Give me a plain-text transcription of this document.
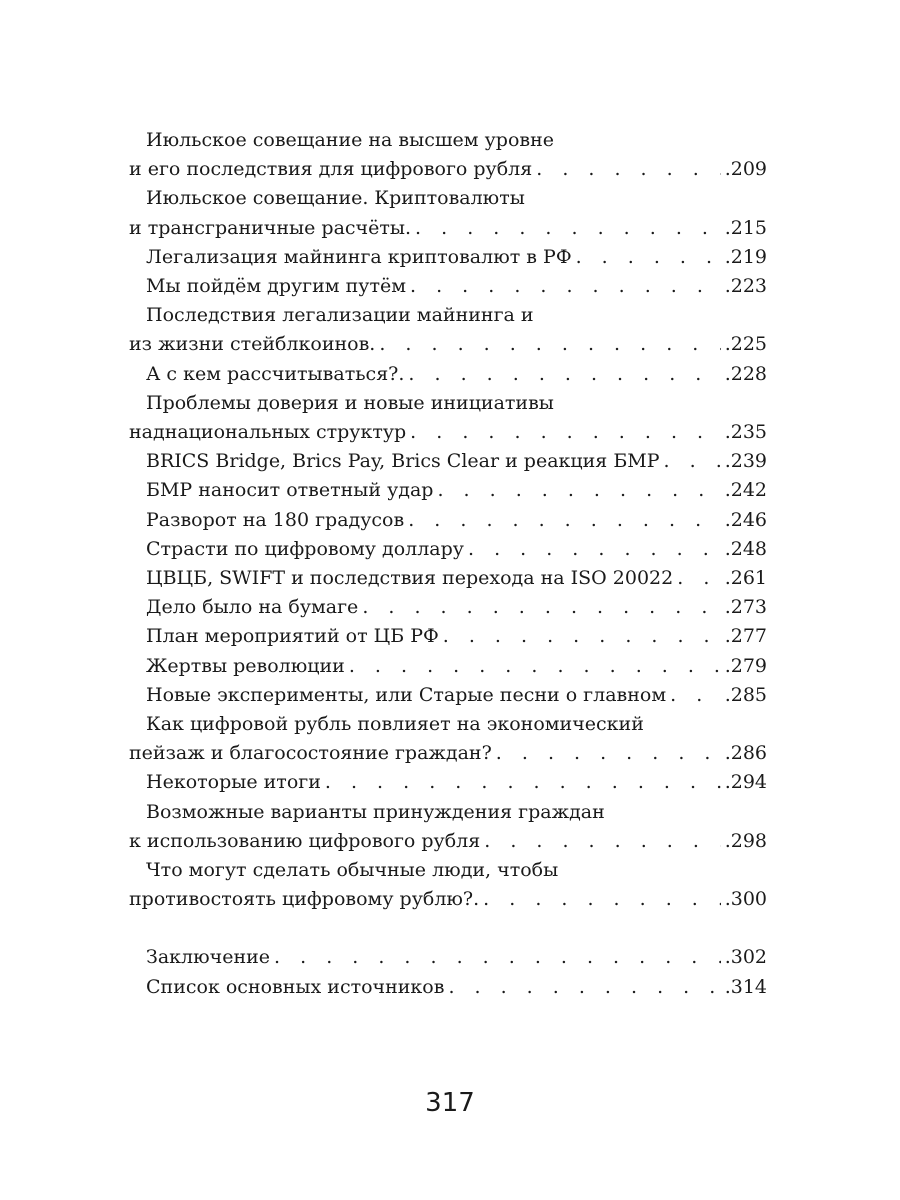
Июльское совещание на высшем уровне
и его последствия для цифрового рубля . . .	.209
Июльское совещание. Криптовалюты
и трансграничные расчёты. . . .	.215
Легализация майнинга криптовалют в РФ . . .	.219
Мы пойдём другим путём . . .	.223
Последствия легализации майнинга и
из жизни стейблкоинов. . . .	.225
А с кем рассчитываться?. . . .	.228
Проблемы доверия и новые инициативы
наднациональных структур . . .	.235
BRICS Bridge, Brics Pay, Brics Clear и реакция БМР . . .	.239
БМР наносит ответный удар . . .	.242
Разворот на 180 градусов . . .	.246
Страсти по цифровому доллару . . .	.248
ЦВЦБ, SWIFT и последствия перехода на ISO 20022 . . .	.261
Дело было на бумаге . . .	.273
План мероприятий от ЦБ РФ . . .	.277
Жертвы революции . . .	.279
Новые эксперименты, или Старые песни о главном . . .	.285
Как цифровой рубль повлияет на экономический
пейзаж и благосостояние граждан? . . .	.286
Некоторые итоги . . .	.294
Возможные варианты принуждения граждан
к использованию цифрового рубля . . .	.298
Что могут сделать обычные люди, чтобы
противостоять цифровому рублю?. . . .	.300
Заключение . . .	.302
Список основных источников . . .	.314
317
